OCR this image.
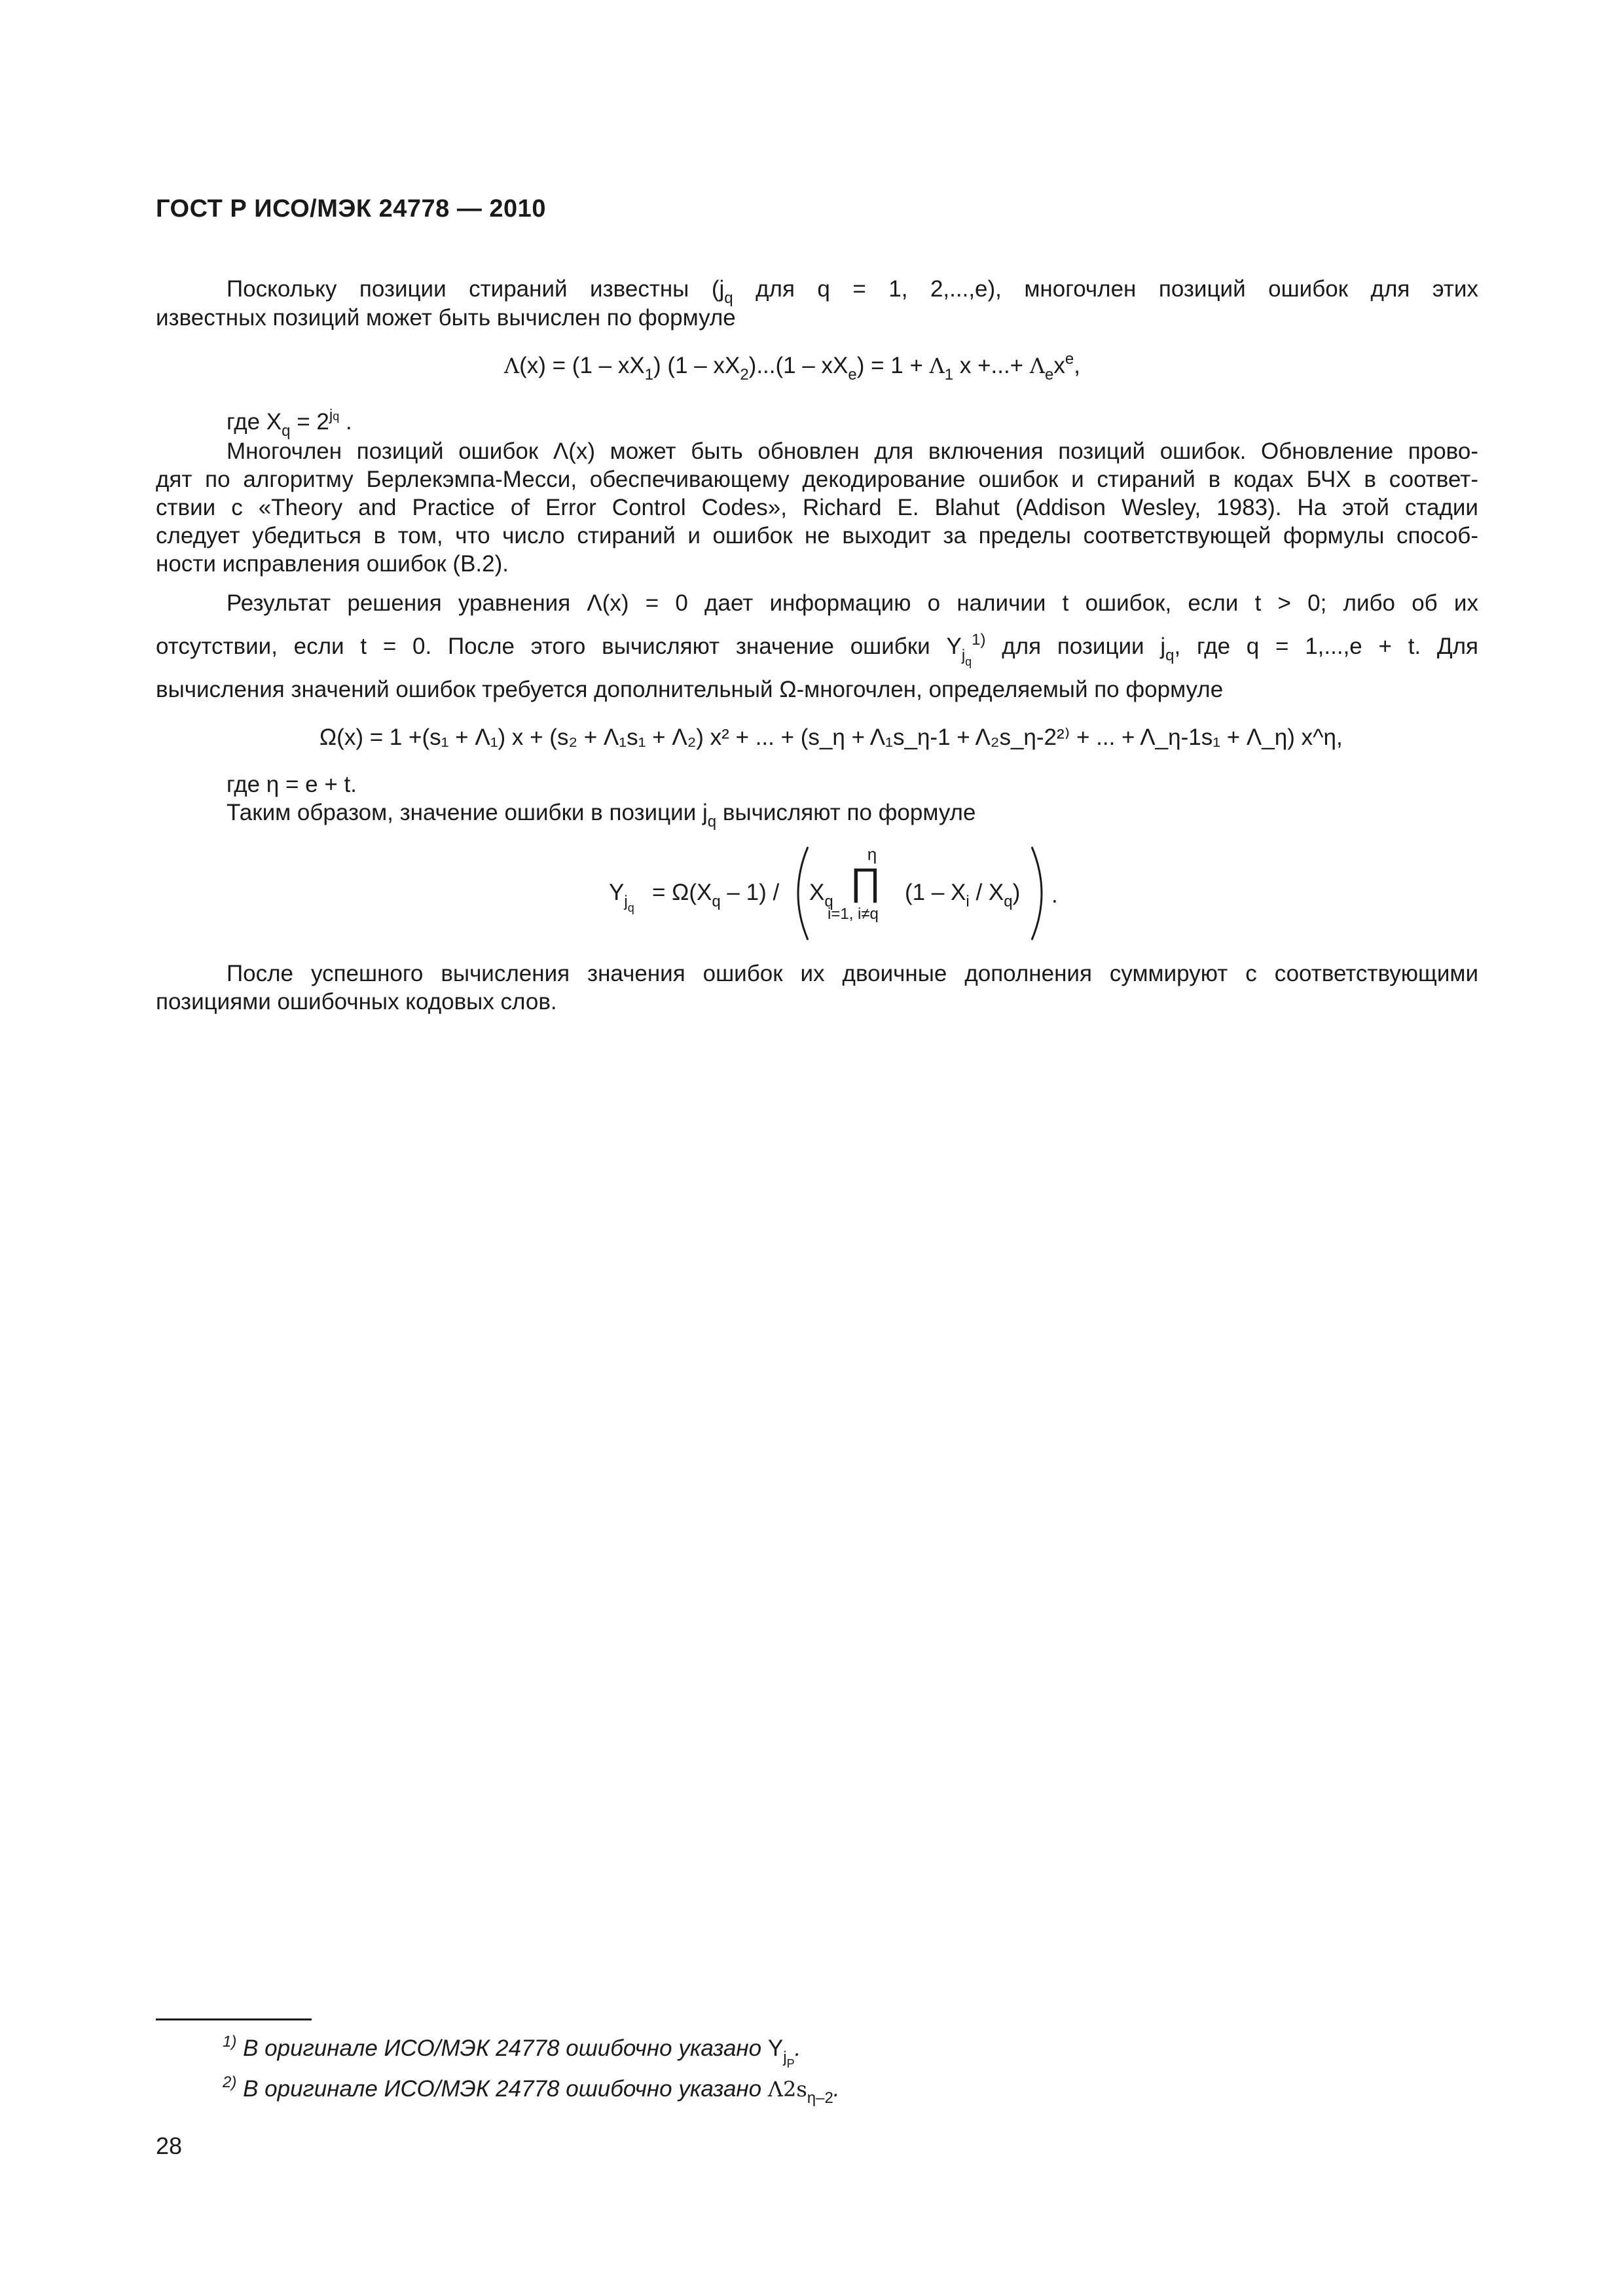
ГОСТ Р ИСО/МЭК 24778 — 2010
Поскольку позиции стираний известны ($j_q$ для q = 1, 2,...,e), многочлен позиций ошибок для этих
известных позиций может быть вычислен по формуле
$\Lambda(x) = (1 - xX_1)$ $(1 - xX_2)...(1 - xX_e) = 1 + \Lambda_1$ x +...+ $\Lambda_ex^e$,
где $X_q = 2^{jq}$ .
Многочлен позиций ошибок Λ(x) может быть обновлен для включения позиций ошибок. Обновление прово-
дят по алгоритму Берлекэмпа-Месси, обеспечивающему декодирование ошибок и стираний в кодах БЧХ в соответ-
ствии с «Theory and Practice of Error Control Codes», Richard E. Blahut (Addison Wesley, 1983). На этой стадии
следует убедиться в том, что число стираний и ошибок не выходит за пределы соответствующей формулы способ-
ности исправления ошибок (B.2).
Результат решения уравнения Λ(x) = 0 дает информацию о наличии t ошибок, если t > 0; либо об их
отсутствии, если t = 0. После этого вычисляют значение ошибки $Y_{j_q}^{1)}$ для позиции $j_q$, где q = 1,...,e + t. Для
вычисления значений ошибок требуется дополнительный Ω-многочлен, определяемый по формуле
Ω(x) = 1 +(s₁ + Λ₁) x + (s₂ + Λ₁s₁ + Λ₂) x² + ... + (s_η + Λ₁s_η-1 + Λ₂s_η-2²⁾ + ... + Λ_η-1s₁ + Λ_η) x^η,
где η = e + t.
Таким образом, значение ошибки в позиции $j_q$ вычисляют по формуле
$Y_{j_q}$
= $\Omega(X_q - 1) / X_q$
η
∏
i=1, i≠q
$(1 - X_i / X_q)$ .
После успешного вычисления значения ошибок их двоичные дополнения суммируют с соответствующими
позициями ошибочных кодовых слов.
$^{1)}$ В оригинале ИСО/МЭК 24778 ошибочно указано $Y_{j_P}$.
$^{2)}$ В оригинале ИСО/МЭК 24778 ошибочно указано $\Lambda 2s_{\eta-2}$.
28
